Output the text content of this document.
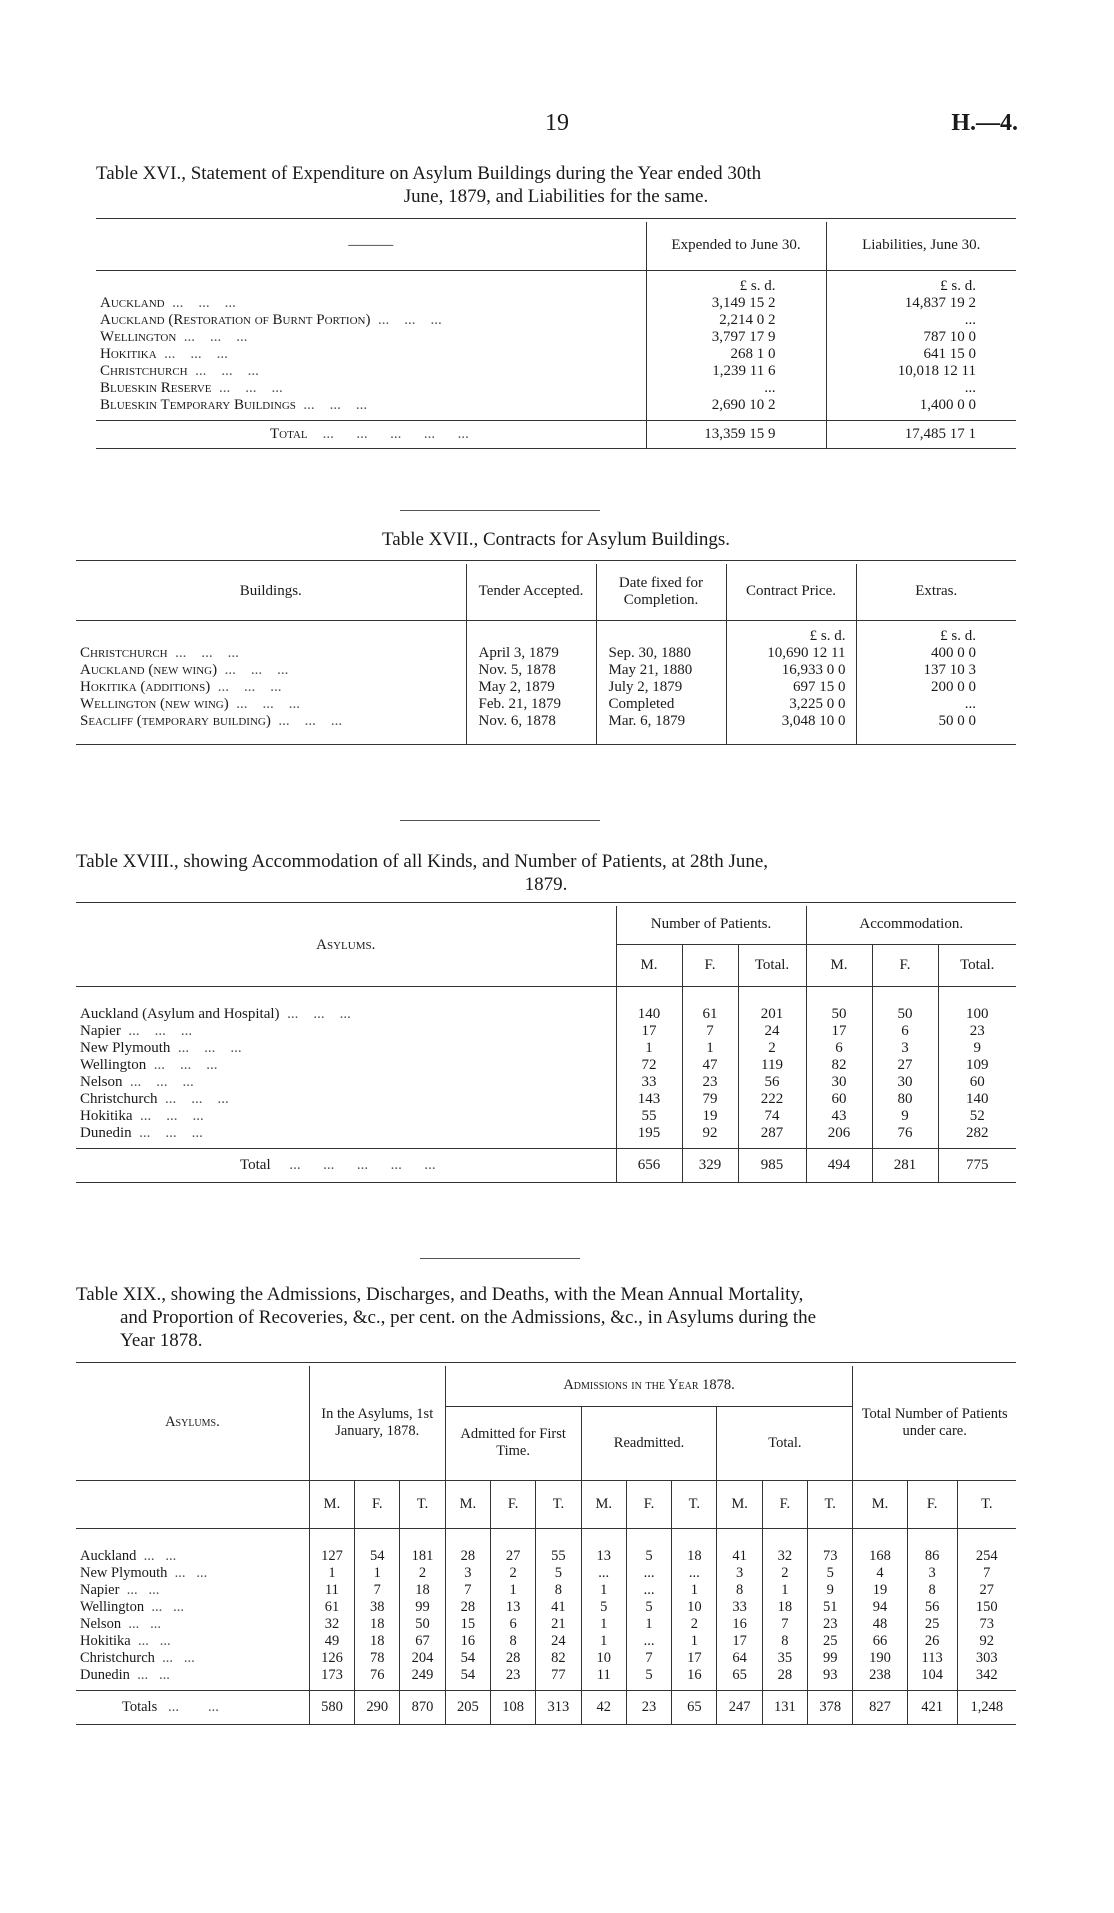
19	H.—4.
Table XVI., Statement of Expenditure on Asylum Buildings during the Year ended 30th
June, 1879, and Liabilities for the same.
———	Expended to June 30.	Liabilities, June 30.

	£ s. d.	£ s. d.
Auckland  ...    ...    ...	3,149 15 2	14,837 19 2
Auckland (Restoration of Burnt Portion)  ...    ...    ...	2,214 0 2	...
Wellington  ...    ...    ...	3,797 17 9	787 10 0
Hokitika  ...    ...    ...	268 1 0	641 15 0
Christchurch  ...    ...    ...	1,239 11 6	10,018 12 11
Blueskin Reserve  ...    ...    ...	...	...
Blueskin Temporary Buildings  ...    ...    ...	2,690 10 2	1,400 0 0

Total    ...      ...      ...      ...      ...	13,359 15 9	17,485 17 1
Table XVII., Contracts for Asylum Buildings.
Buildings.	Tender Accepted.	Date fixed for Completion.	Contract Price.	Extras.

			£ s. d.	£ s. d.
Christchurch  ...    ...    ...	April 3, 1879	Sep. 30, 1880	10,690 12 11	400 0 0
Auckland (new wing)  ...    ...    ...	Nov. 5, 1878	May 21, 1880	16,933 0 0	137 10 3
Hokitika (additions)  ...    ...    ...	May 2, 1879	July 2, 1879	697 15 0	200 0 0
Wellington (new wing)  ...    ...    ...	Feb. 21, 1879	Completed	3,225 0 0	...
Seacliff (temporary building)  ...    ...    ...	Nov. 6, 1878	Mar. 6, 1879	3,048 10 0	50 0 0

Table XVIII., showing Accommodation of all Kinds, and Number of Patients, at 28th June,
1879.
Asylums.	Number of Patients.			Accommodation.		
	M.	F.	Total.	M.	F.	Total.

Auckland (Asylum and Hospital)  ...    ...    ...	140	61	201	50	50	100
Napier  ...    ...    ...	17	7	24	17	6	23
New Plymouth  ...    ...    ...	1	1	2	6	3	9
Wellington  ...    ...    ...	72	47	119	82	27	109
Nelson  ...    ...    ...	33	23	56	30	30	60
Christchurch  ...    ...    ...	143	79	222	60	80	140
Hokitika  ...    ...    ...	55	19	74	43	9	52
Dunedin  ...    ...    ...	195	92	287	206	76	282

Total     ...      ...      ...      ...      ...	656	329	985	494	281	775
Table XIX., showing the Admissions, Discharges, and Deaths, with the Mean Annual Mortality,
and Proportion of Recoveries, &c., per cent. on the Admissions, &c., in Asylums during the
Year 1878.
Asylums.	In the Asylums, 1st January, 1878.			Admissions in the Year 1878.									Total Number of Patients under care.		
				Admitted for First Time.			Readmitted.			Total.					
	M.	F.	T.	M.	F.	T.	M.	F.	T.	M.	F.	T.	M.	F.	T.

Auckland  ...   ...	127	54	181	28	27	55	13	5	18	41	32	73	168	86	254
New Plymouth  ...   ...	1	1	2	3	2	5	...	...	...	3	2	5	4	3	7
Napier  ...   ...	11	7	18	7	1	8	1	...	1	8	1	9	19	8	27
Wellington  ...   ...	61	38	99	28	13	41	5	5	10	33	18	51	94	56	150
Nelson  ...   ...	32	18	50	15	6	21	1	1	2	16	7	23	48	25	73
Hokitika  ...   ...	49	18	67	16	8	24	1	...	1	17	8	25	66	26	92
Christchurch  ...   ...	126	78	204	54	28	82	10	7	17	64	35	99	190	113	303
Dunedin  ...   ...	173	76	249	54	23	77	11	5	16	65	28	93	238	104	342

Totals   ...        ...	580	290	870	205	108	313	42	23	65	247	131	378	827	421	1,248
